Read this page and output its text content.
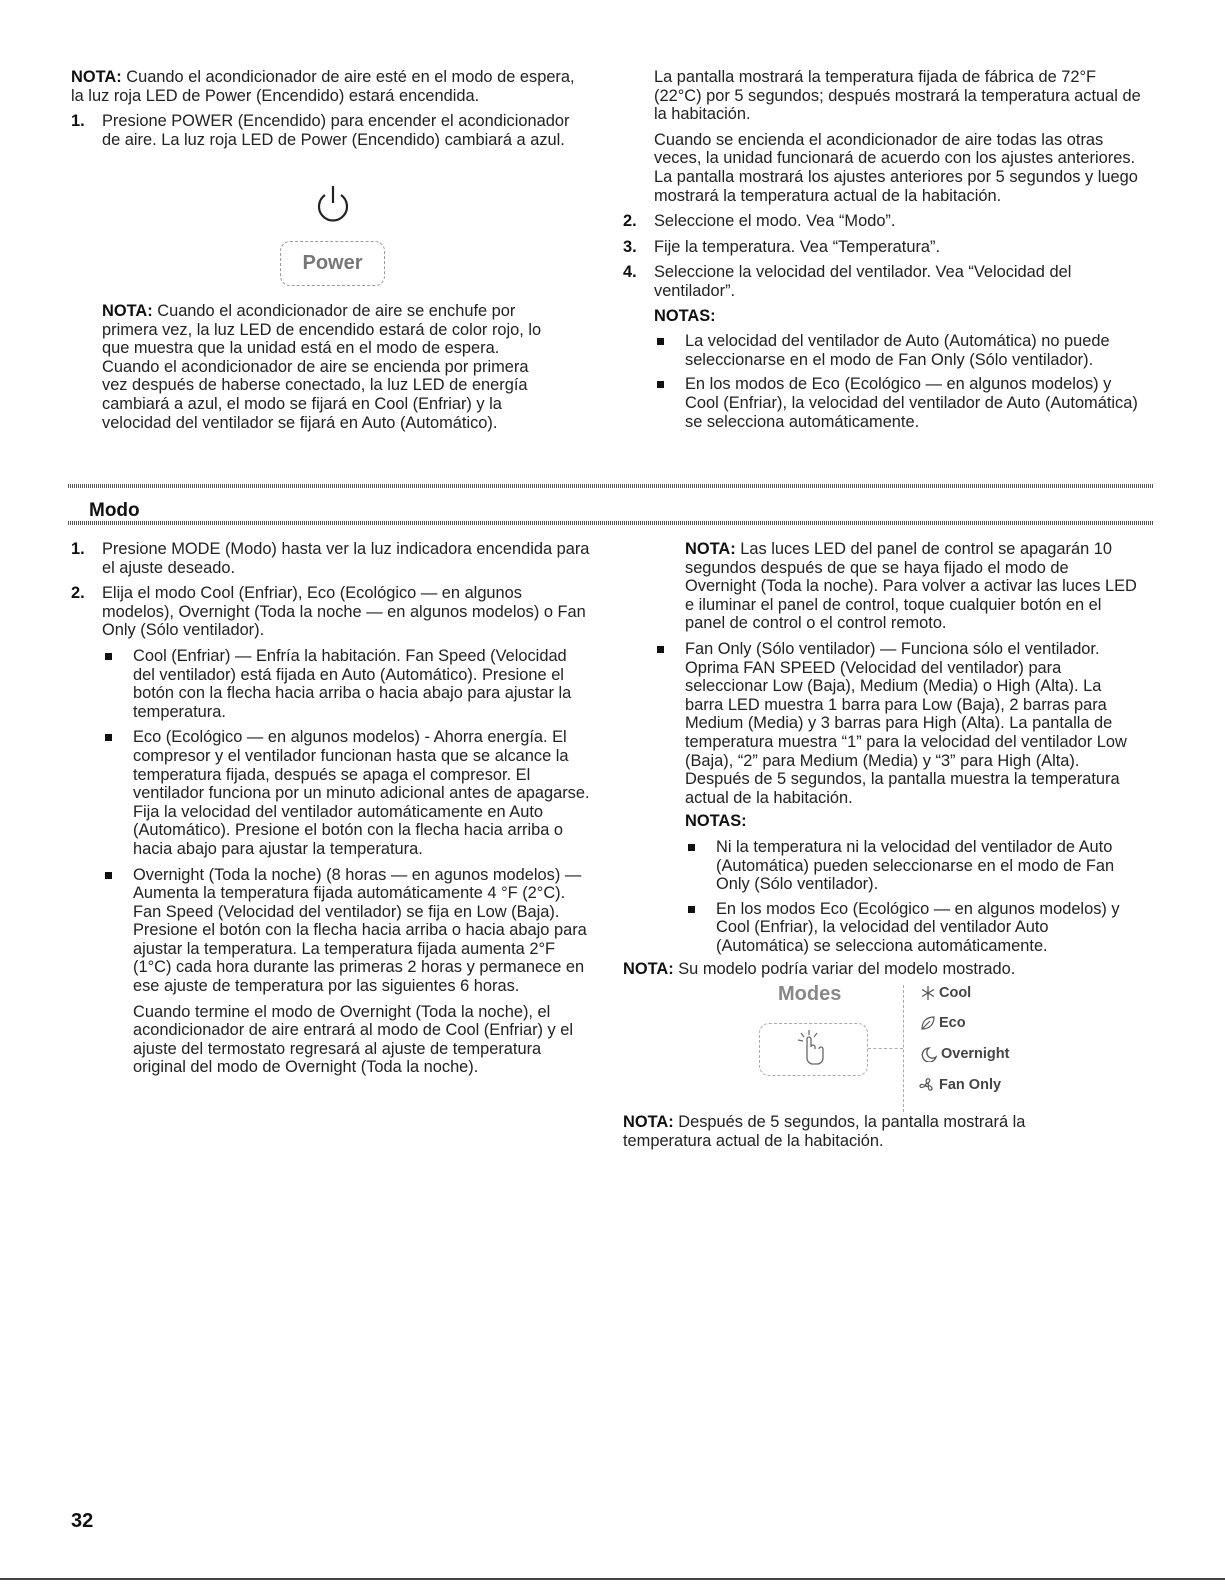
NOTA: Cuando el acondicionador de aire esté en el modo de espera, la luz roja LED de Power (Encendido) estará encendida.

1. Presione POWER (Encendido) para encender el acondicionador de aire. La luz roja LED de Power (Encendido) cambiará a azul.
Power

NOTA: Cuando el acondicionador de aire se enchufe por primera vez, la luz LED de encendido estará de color rojo, lo que muestra que la unidad está en el modo de espera. Cuando el acondicionador de aire se encienda por primera vez después de haberse conectado, la luz LED de energía cambiará a azul, el modo se fijará en Cool (Enfriar) y la velocidad del ventilador se fijará en Auto (Automático).

La pantalla mostrará la temperatura fijada de fábrica de 72°F (22°C) por 5 segundos; después mostrará la temperatura actual de la habitación.

Cuando se encienda el acondicionador de aire todas las otras veces, la unidad funcionará de acuerdo con los ajustes anteriores. La pantalla mostrará los ajustes anteriores por 5 segundos y luego mostrará la temperatura actual de la habitación.

2. Seleccione el modo. Vea “Modo”.
3. Fije la temperatura. Vea “Temperatura”.
4. Seleccione la velocidad del ventilador. Vea “Velocidad del ventilador”.

NOTAS:

La velocidad del ventilador de Auto (Automática) no puede seleccionarse en el modo de Fan Only (Sólo ventilador).
En los modos de Eco (Ecológico — en algunos modelos) y Cool (Enfriar), la velocidad del ventilador de Auto (Automática) se selecciona automáticamente.
Modo
1. Presione MODE (Modo) hasta ver la luz indicadora encendida para el ajuste deseado.
2. Elija el modo Cool (Enfriar), Eco (Ecológico — en algunos modelos), Overnight (Toda la noche — en algunos modelos) o Fan Only (Sólo ventilador).
Cool (Enfriar) — Enfría la habitación. Fan Speed (Velocidad del ventilador) está fijada en Auto (Automático). Presione el botón con la flecha hacia arriba o hacia abajo para ajustar la temperatura.
Eco (Ecológico — en algunos modelos) - Ahorra energía. El compresor y el ventilador funcionan hasta que se alcance la temperatura fijada, después se apaga el compresor. El ventilador funciona por un minuto adicional antes de apagarse. Fija la velocidad del ventilador automáticamente en Auto (Automático). Presione el botón con la flecha hacia arriba o hacia abajo para ajustar la temperatura.
Overnight (Toda la noche) (8 horas — en agunos modelos) — Aumenta la temperatura fijada automáticamente 4 °F (2°C). Fan Speed (Velocidad del ventilador) se fija en Low (Baja). Presione el botón con la flecha hacia arriba o hacia abajo para ajustar la temperatura. La temperatura fijada aumenta 2°F (1°C) cada hora durante las primeras 2 horas y permanece en ese ajuste de temperatura por las siguientes 6 horas.

Cuando termine el modo de Overnight (Toda la noche), el acondicionador de aire entrará al modo de Cool (Enfriar) y el ajuste del termostato regresará al ajuste de temperatura original del modo de Overnight (Toda la noche).

NOTA: Las luces LED del panel de control se apagarán 10 segundos después de que se haya fijado el modo de Overnight (Toda la noche). Para volver a activar las luces LED e iluminar el panel de control, toque cualquier botón en el panel de control o el control remoto.

Fan Only (Sólo ventilador) — Funciona sólo el ventilador. Oprima FAN SPEED (Velocidad del ventilador) para seleccionar Low (Baja), Medium (Media) o High (Alta). La barra LED muestra 1 barra para Low (Baja), 2 barras para Medium (Media) y 3 barras para High (Alta). La pantalla de temperatura muestra “1” para la velocidad del ventilador Low (Baja), “2” para Medium (Media) y “3” para High (Alta). Después de 5 segundos, la pantalla muestra la temperatura actual de la habitación.

NOTAS:

Ni la temperatura ni la velocidad del ventilador de Auto (Automática) pueden seleccionarse en el modo de Fan Only (Sólo ventilador).
En los modos Eco (Ecológico — en algunos modelos) y Cool (Enfriar), la velocidad del ventilador Auto (Automática) se selecciona automáticamente.

NOTA: Su modelo podría variar del modelo mostrado.

Modes	Cool
Eco
Overnight
Fan Only

NOTA: Después de 5 segundos, la pantalla mostrará la temperatura actual de la habitación.

32
